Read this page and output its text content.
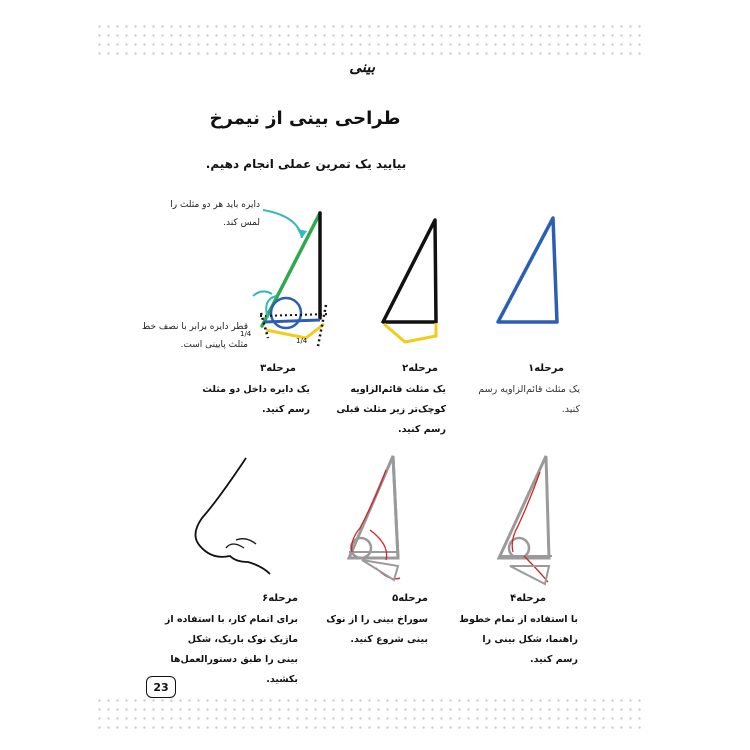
بینی
طراحی بینی از نیمرخ
بیایید یک تمرین عملی انجام دهیم.
دایره باید هر دو مثلث را
لمس کند.
قطر دایره برابر با نصف خط
مثلث پایینی است.
1/4
1/4
مرحله۳
یک دایره داخل دو مثلث
رسم کنید.
مرحله۲
یک مثلث قائم‌الزاویه
کوچک‌تر زیر مثلث قبلی
رسم کنید.
مرحله۱
یک مثلث قائم‌الزاویه رسم
کنید.
مرحله۶
برای اتمام کار، با استفاده از
ماژیک نوک باریک، شکل
بینی را طبق دستورالعمل‌ها
بکشید.
مرحله۵
سوراخ بینی را از نوک
بینی شروع کنید.
مرحله۴
با استفاده از تمام خطوط
راهنما، شکل بینی را
رسم کنید.
23
